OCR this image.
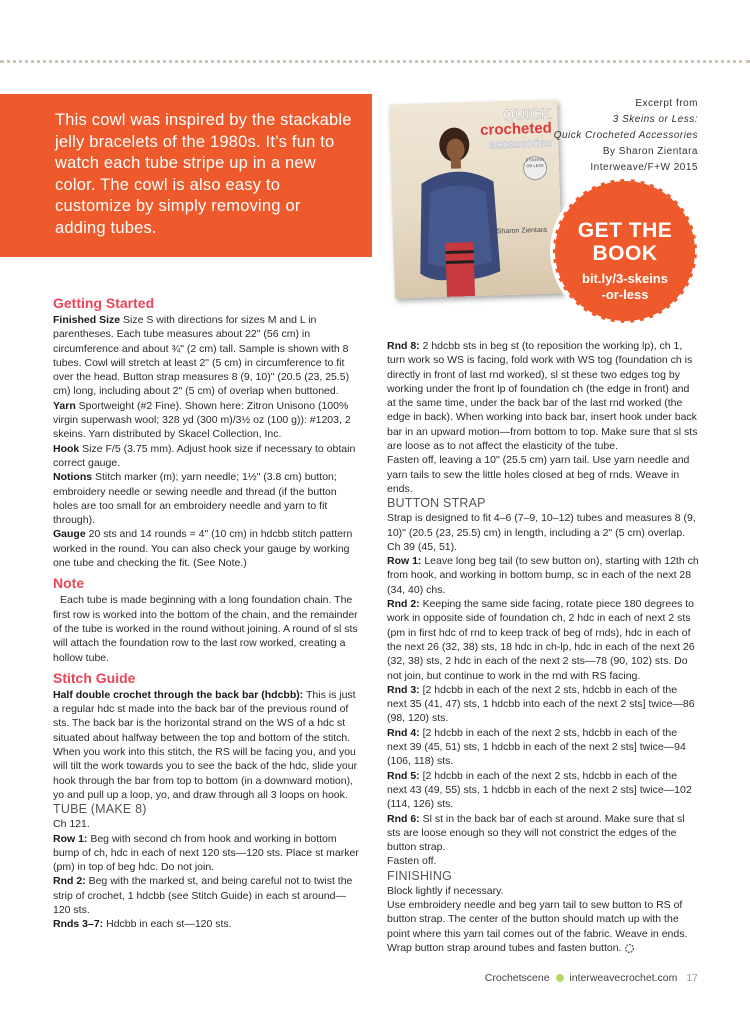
This cowl was inspired by the stackable jelly bracelets of the 1980s. It’s fun to watch each tube stripe up in a new color. The cowl is also easy to customize by simply removing or adding tubes.

QUICK
crocheted
accessories
3 SKEINS OR LESS
Sharon Zientara
Excerpt from
3 Skeins or Less:
Quick Crocheted Accessories
By Sharon Zientara
Interweave/F+W 2015
GET THE
BOOK
bit.ly/3-skeins
-or-less
Getting Started

Finished Size Size S with directions for sizes M and L in parentheses. Each tube measures about 22" (56 cm) in circumference and about ¾" (2 cm) tall. Sample is shown with 8 tubes. Cowl will stretch at least 2" (5 cm) in circumference to fit over the head. Button strap measures 8 (9, 10)" (20.5 (23, 25.5) cm) long, including about 2" (5 cm) of overlap when buttoned.

Yarn Sportweight (#2 Fine). Shown here: Zitron Unisono (100% virgin superwash wool; 328 yd (300 m)/3½ oz (100 g)): #1203, 2 skeins. Yarn distributed by Skacel Collection, Inc.

Hook Size F/5 (3.75 mm). Adjust hook size if necessary to obtain correct gauge.

Notions Stitch marker (m); yarn needle; 1½" (3.8 cm) button; embroidery needle or sewing needle and thread (if the button holes are too small for an embroidery needle and yarn to fit through).

Gauge 20 sts and 14 rounds = 4" (10 cm) in hdcbb stitch pattern worked in the round. You can also check your gauge by working one tube and checking the fit. (See Note.)

Note

Each tube is made beginning with a long foundation chain. The first row is worked into the bottom of the chain, and the remainder of the tube is worked in the round without joining. A round of sl sts will attach the foundation row to the last row worked, creating a hollow tube.

Stitch Guide

Half double crochet through the back bar (hdcbb): This is just a regular hdc st made into the back bar of the previous round of sts. The back bar is the horizontal strand on the WS of a hdc st situated about halfway between the top and bottom of the stitch. When you work into this stitch, the RS will be facing you, and you will tilt the work towards you to see the back of the hdc, slide your hook through the bar from top to bottom (in a downward motion), yo and pull up a loop, yo, and draw through all 3 loops on hook.

TUBE (MAKE 8)

Ch 121.

Row 1: Beg with second ch from hook and working in bottom bump of ch, hdc in each of next 120 sts—120 sts. Place st marker (pm) in top of beg hdc. Do not join.

Rnd 2: Beg with the marked st, and being careful not to twist the strip of crochet, 1 hdcbb (see Stitch Guide) in each st around—120 sts.

Rnds 3–7: Hdcbb in each st—120 sts.

Rnd 8: 2 hdcbb sts in beg st (to reposition the working lp), ch 1, turn work so WS is facing, fold work with WS tog (foundation ch is directly in front of last rnd worked), sl st these two edges tog by working under the front lp of foundation ch (the edge in front) and at the same time, under the back bar of the last rnd worked (the edge in back). When working into back bar, insert hook under back bar in an upward motion—from bottom to top. Make sure that sl sts are loose as to not affect the elasticity of the tube.

Fasten off, leaving a 10" (25.5 cm) yarn tail. Use yarn needle and yarn tails to sew the little holes closed at beg of rnds. Weave in ends.

BUTTON STRAP

Strap is designed to fit 4–6 (7–9, 10–12) tubes and measures 8 (9, 10)" (20.5 (23, 25.5) cm) in length, including a 2" (5 cm) overlap.

Ch 39 (45, 51).

Row 1: Leave long beg tail (to sew button on), starting with 12th ch from hook, and working in bottom bump, sc in each of the next 28 (34, 40) chs.

Rnd 2: Keeping the same side facing, rotate piece 180 degrees to work in opposite side of foundation ch, 2 hdc in each of next 2 sts (pm in first hdc of rnd to keep track of beg of rnds), hdc in each of the next 26 (32, 38) sts, 18 hdc in ch-lp, hdc in each of the next 26 (32, 38) sts, 2 hdc in each of the next 2 sts—78 (90, 102) sts. Do not join, but continue to work in the rnd with RS facing.

Rnd 3: [2 hdcbb in each of the next 2 sts, hdcbb in each of the next 35 (41, 47) sts, 1 hdcbb into each of the next 2 sts] twice—86 (98, 120) sts.

Rnd 4: [2 hdcbb in each of the next 2 sts, hdcbb in each of the next 39 (45, 51) sts, 1 hdcbb in each of the next 2 sts] twice—94 (106, 118) sts.

Rnd 5: [2 hdcbb in each of the next 2 sts, hdcbb in each of the next 43 (49, 55) sts, 1 hdcbb in each of the next 2 sts] twice—102 (114, 126) sts.

Rnd 6: Sl st in the back bar of each st around. Make sure that sl sts are loose enough so they will not constrict the edges of the button strap.

Fasten off.

FINISHING

Block lightly if necessary.

Use embroidery needle and beg yarn tail to sew button to RS of button strap. The center of the button should match up with the point where this yarn tail comes out of the fabric. Weave in ends. Wrap button strap around tubes and fasten button.

Crochetscene interweavecrochet.com 17
